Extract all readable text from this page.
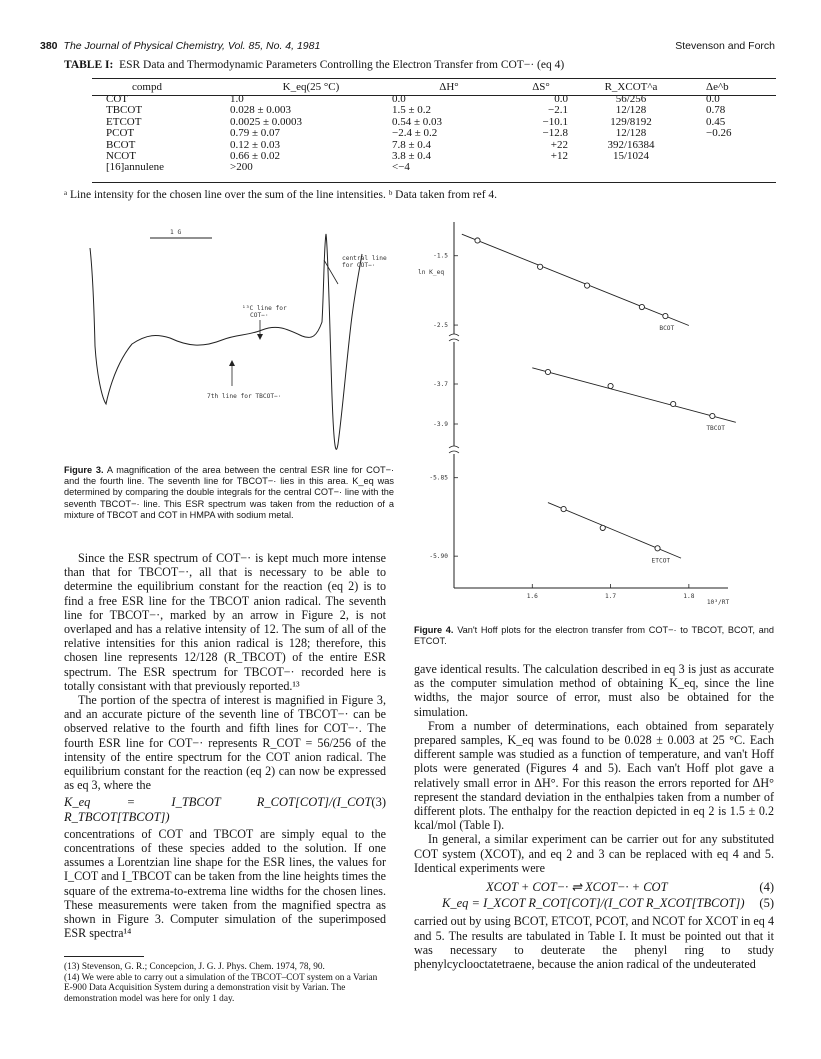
380 The Journal of Physical Chemistry, Vol. 85, No. 4, 1981	Stevenson and Forch
TABLE I: ESR Data and Thermodynamic Parameters Controlling the Electron Transfer from COT−· (eq 4)
compd	K_eq(25 °C)	ΔH°	ΔS°	R_XCOT^a	Δe^b
COT	1.0	0.0	0.0	56/256	0.0
TBCOT	0.028 ± 0.003	1.5 ± 0.2	−2.1	12/128	0.78
ETCOT	0.0025 ± 0.0003	0.54 ± 0.03	−10.1	129/8192	0.45
PCOT	0.79 ± 0.07	−2.4 ± 0.2	−12.8	12/128	−0.26
BCOT	0.12 ± 0.03	7.8 ± 0.4	+22	392/16384	
NCOT	0.66 ± 0.02	3.8 ± 0.4	+12	15/1024	
[16]annulene	>200	<−4			
ᵃ Line intensity for the chosen line over the sum of the line intensities. ᵇ Data taken from ref 4.
1 G
central line for COT−·
¹³C line for COT−·
7th line for TBCOT−·
Figure 3. A magnification of the area between the central ESR line for COT−· and the fourth line. The seventh line for TBCOT−· lies in this area. K_eq was determined by comparing the double integrals for the central COT−· line with the seventh TBCOT−· line. This ESR spectrum was taken from the reduction of a mixture of TBCOT and COT in HMPA with sodium metal.
-1.5
-2.5
-3.7
-3.9
-5.85
-5.90
ln K_eq
1.6	1.7	1.8
10³/RT
BCOT
TBCOT
ETCOT
Figure 4. Van't Hoff plots for the electron transfer from COT−· to TBCOT, BCOT, and ETCOT.

Since the ESR spectrum of COT−· is kept much more intense than that for TBCOT−·, all that is necessary to be able to determine the equilibrium constant for the reaction (eq 2) is to find a free ESR line for the TBCOT anion radical. The seventh line for TBCOT−·, marked by an arrow in Figure 2, is not overlaped and has a relative intensity of 12. The sum of all of the relative intensities for this anion radical is 128; therefore, this chosen line represents 12/128 (R_TBCOT) of the entire ESR spectrum. The ESR spectrum for TBCOT−· recorded here is totally consistant with that previously reported.¹³

The portion of the spectra of interest is magnified in Figure 3, and an accurate picture of the seventh line of TBCOT−· can be observed relative to the fourth and fifth lines for COT−·. The fourth ESR line for COT−· represents R_COT = 56/256 of the intensity of the entire spectrum for the COT anion radical. The equilibrium constant for the reaction (eq 2) can now be expressed as eq 3, where the

K_eq = I_TBCOT R_COT[COT]/(I_COT R_TBCOT[TBCOT])
(3)

concentrations of COT and TBCOT are simply equal to the concentrations of these species added to the solution. If one assumes a Lorentzian line shape for the ESR lines, the values for I_COT and I_TBCOT can be taken from the line heights times the square of the extrema-to-extrema line widths for the chosen lines. These measurements were taken from the magnified spectra as shown in Figure 3. Computer simulation of the superimposed ESR spectra¹⁴

(13) Stevenson, G. R.; Concepcion, J. G. J. Phys. Chem. 1974, 78, 90.

(14) We were able to carry out a simulation of the TBCOT–COT system on a Varian E-900 Data Acquisition System during a demonstration visit by Varian. The demonstration model was here for only 1 day.

gave identical results. The calculation described in eq 3 is just as accurate as the computer simulation method of obtaining K_eq, since the line widths, the major source of error, must also be obtained for the simulation.

From a number of determinations, each obtained from separately prepared samples, K_eq was found to be 0.028 ± 0.003 at 25 °C. Each different sample was studied as a function of temperature, and van't Hoff plots were generated (Figures 4 and 5). Each van't Hoff plot gave a relatively small error in ΔH°. For this reason the errors reported for ΔH° represent the standard deviation in the enthalpies taken from a number of different plots. The enthalpy for the reaction depicted in eq 2 is 1.5 ± 0.2 kcal/mol (Table I).

In general, a similar experiment can be carrier out for any substituted COT system (XCOT), and eq 2 and 3 can be replaced with eq 4 and 5. Identical experiments were

XCOT + COT−· ⇌ XCOT−· + COT	(4)
K_eq = I_XCOT R_COT[COT]/(I_COT R_XCOT[TBCOT]) (5)

carried out by using BCOT, ETCOT, PCOT, and NCOT for XCOT in eq 4 and 5. The results are tabulated in Table I. It must be pointed out that it was necessary to deuterate the phenyl ring to study phenylcyclooctatetraene, because the anion radical of the undeuterated
